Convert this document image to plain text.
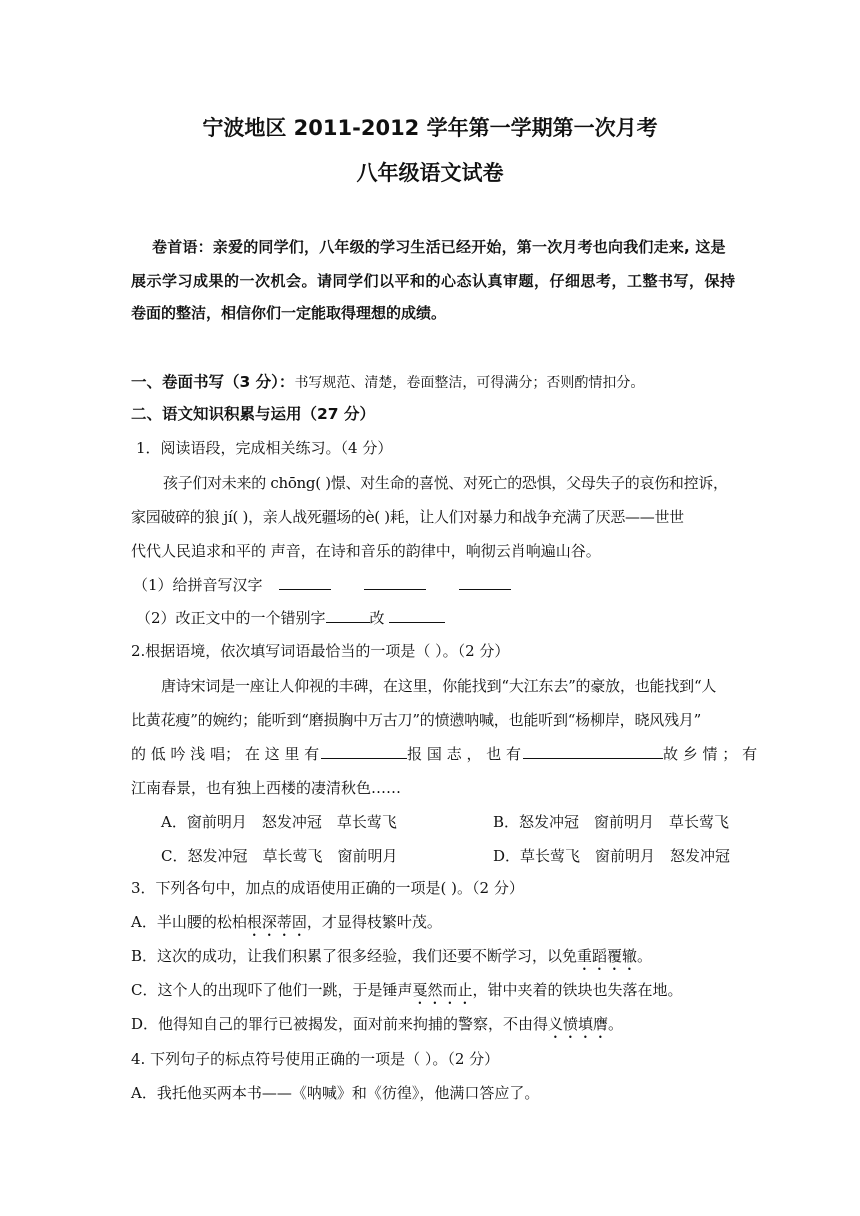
宁波地区 2011-2012 学年第一学期第一次月考
八年级语文试卷
卷首语：亲爱的同学们，八年级的学习生活已经开始，第一次月考也向我们走来, 这是
展示学习成果的一次机会。请同学们以平和的心态认真审题，仔细思考，工整书写，保持
卷面的整洁，相信你们一定能取得理想的成绩。
一、卷面书写（3 分）：书写规范、清楚，卷面整洁，可得满分；否则酌情扣分。
二、语文知识积累与运用（27 分）
1．阅读语段，完成相关练习。（4 分）
孩子们对未来的 chōng( )憬、对生命的喜悦、对死亡的恐惧，父母失子的哀伤和控诉，
家园破碎的狼 jí( )，亲人战死疆场的è( )耗，让人们对暴力和战争充满了厌恶——世世
代代人民追求和平的 声音，在诗和音乐的韵律中，响彻云肖响遍山谷。
（1）给拼音写汉字
（2）改正文中的一个错别字	改
2.根据语境，依次填写词语最恰当的一项是（ ）。（2 分）
唐诗宋词是一座让人仰视的丰碑，在这里，你能找到“大江东去”的豪放，也能找到“人
比黄花瘦”的婉约；能听到“磨损胸中万古刀”的愤懑呐喊，也能听到“杨柳岸，晓风残月”
的 低 吟 浅 唱； 在 这 里 有	报 国 志 ， 也 有	故 乡 情 ； 有
江南春景，也有独上西楼的凄清秋色……
A．窗前明月　怒发冲冠　草长莺飞	B．怒发冲冠　窗前明月　草长莺飞
C．怒发冲冠　草长莺飞　窗前明月	D．草长莺飞　窗前明月　怒发冲冠
3．下列各句中，加点的成语使用正确的一项是( )。（2 分）
A．半山腰的松柏根深蒂固，才显得枝繁叶茂。
B．这次的成功，让我们积累了很多经验，我们还要不断学习，以免重蹈覆辙。
C．这个人的出现吓了他们一跳，于是锤声戛然而止，钳中夹着的铁块也失落在地。
D．他得知自己的罪行已被揭发，面对前来拘捕的警察，不由得义愤填膺。
4. 下列句子的标点符号使用正确的一项是（ ）。（2 分）
A．我托他买两本书——《呐喊》和《彷徨》，他满口答应了。
